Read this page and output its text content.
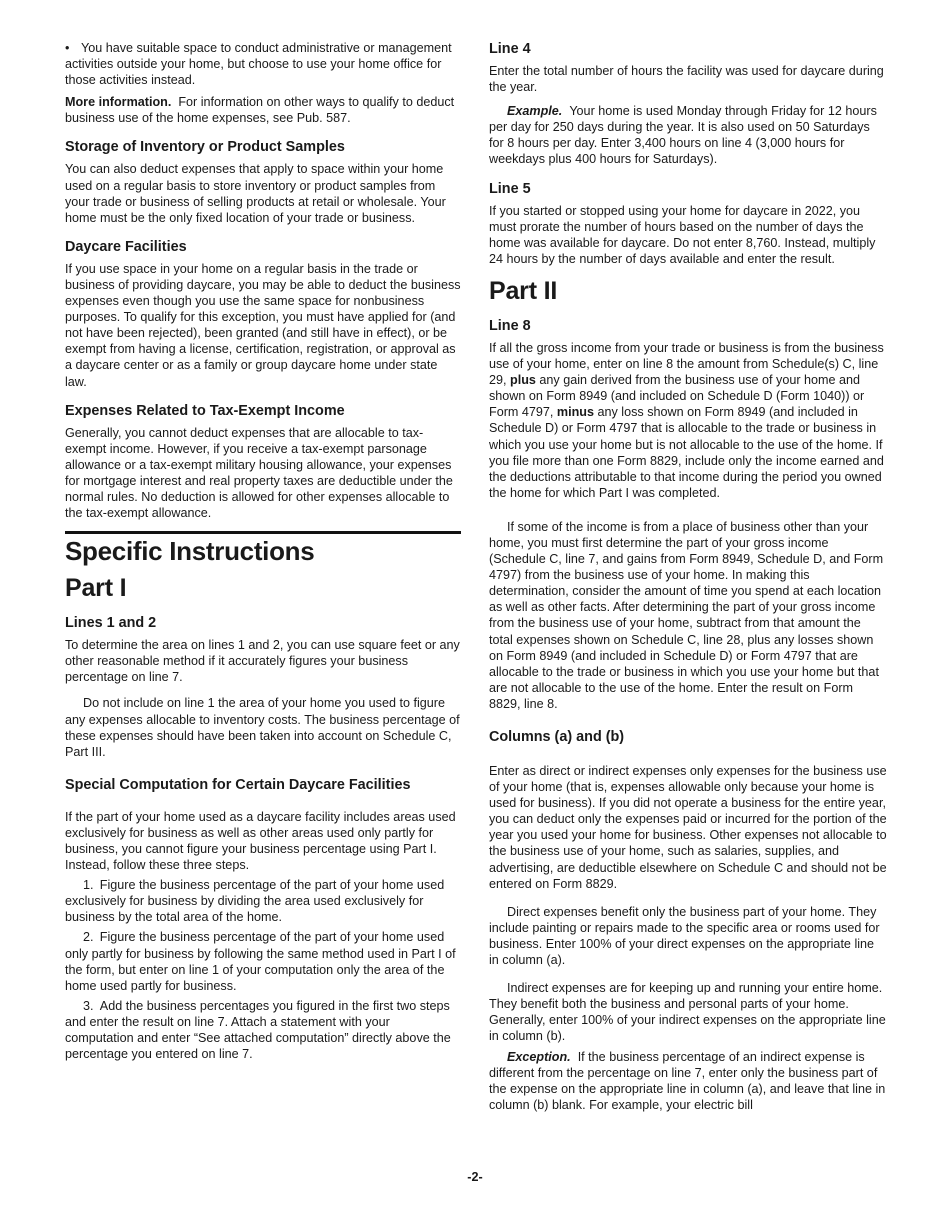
• You have suitable space to conduct administrative or management activities outside your home, but choose to use your home office for those activities instead.

More information. For information on other ways to qualify to deduct business use of the home expenses, see Pub. 587.

Storage of Inventory or Product Samples

You can also deduct expenses that apply to space within your home used on a regular basis to store inventory or product samples from your trade or business of selling products at retail or wholesale. Your home must be the only fixed location of your trade or business.

Daycare Facilities

If you use space in your home on a regular basis in the trade or business of providing daycare, you may be able to deduct the business expenses even though you use the same space for nonbusiness purposes. To qualify for this exception, you must have applied for (and not have been rejected), been granted (and still have in effect), or be exempt from having a license, certification, registration, or approval as a daycare center or as a family or group daycare home under state law.

Expenses Related to Tax-Exempt Income

Generally, you cannot deduct expenses that are allocable to tax-exempt income. However, if you receive a tax-exempt parsonage allowance or a tax-exempt military housing allowance, your expenses for mortgage interest and real property taxes are deductible under the normal rules. No deduction is allowed for other expenses allocable to the tax-exempt allowance.

Specific Instructions
Part I
Lines 1 and 2

To determine the area on lines 1 and 2, you can use square feet or any other reasonable method if it accurately figures your business percentage on line 7.

Do not include on line 1 the area of your home you used to figure any expenses allocable to inventory costs. The business percentage of these expenses should have been taken into account on Schedule C, Part III.

Special Computation for Certain Daycare Facilities

If the part of your home used as a daycare facility includes areas used exclusively for business as well as other areas used only partly for business, you cannot figure your business percentage using Part I. Instead, follow these three steps.

1. Figure the business percentage of the part of your home used exclusively for business by dividing the area used exclusively for business by the total area of the home.

2. Figure the business percentage of the part of your home used only partly for business by following the same method used in Part I of the form, but enter on line 1 of your computation only the area of the home used partly for business.

3. Add the business percentages you figured in the first two steps and enter the result on line 7. Attach a statement with your computation and enter “See attached computation” directly above the percentage you entered on line 7.

Line 4

Enter the total number of hours the facility was used for daycare during the year.

Example. Your home is used Monday through Friday for 12 hours per day for 250 days during the year. It is also used on 50 Saturdays for 8 hours per day. Enter 3,400 hours on line 4 (3,000 hours for weekdays plus 400 hours for Saturdays).

Line 5

If you started or stopped using your home for daycare in 2022, you must prorate the number of hours based on the number of days the home was available for daycare. Do not enter 8,760. Instead, multiply 24 hours by the number of days available and enter the result.

Part II
Line 8

If all the gross income from your trade or business is from the business use of your home, enter on line 8 the amount from Schedule(s) C, line 29, plus any gain derived from the business use of your home and shown on Form 8949 (and included on Schedule D (Form 1040)) or Form 4797, minus any loss shown on Form 8949 (and included in Schedule D) or Form 4797 that is allocable to the trade or business in which you use your home but is not allocable to the use of the home. If you file more than one Form 8829, include only the income earned and the deductions attributable to that income during the period you owned the home for which Part I was completed.

If some of the income is from a place of business other than your home, you must first determine the part of your gross income (Schedule C, line 7, and gains from Form 8949, Schedule D, and Form 4797) from the business use of your home. In making this determination, consider the amount of time you spend at each location as well as other facts. After determining the part of your gross income from the business use of your home, subtract from that amount the total expenses shown on Schedule C, line 28, plus any losses shown on Form 8949 (and included in Schedule D) or Form 4797 that are allocable to the trade or business in which you use your home but that are not allocable to the use of the home. Enter the result on Form 8829, line 8.

Columns (a) and (b)

Enter as direct or indirect expenses only expenses for the business use of your home (that is, expenses allowable only because your home is used for business). If you did not operate a business for the entire year, you can deduct only the expenses paid or incurred for the portion of the year you used your home for business. Other expenses not allocable to the business use of your home, such as salaries, supplies, and advertising, are deductible elsewhere on Schedule C and should not be entered on Form 8829.

Direct expenses benefit only the business part of your home. They include painting or repairs made to the specific area or rooms used for business. Enter 100% of your direct expenses on the appropriate line in column (a).

Indirect expenses are for keeping up and running your entire home. They benefit both the business and personal parts of your home. Generally, enter 100% of your indirect expenses on the appropriate line in column (b).

Exception. If the business percentage of an indirect expense is different from the percentage on line 7, enter only the business part of the expense on the appropriate line in column (a), and leave that line in column (b) blank. For example, your electric bill

-2-
